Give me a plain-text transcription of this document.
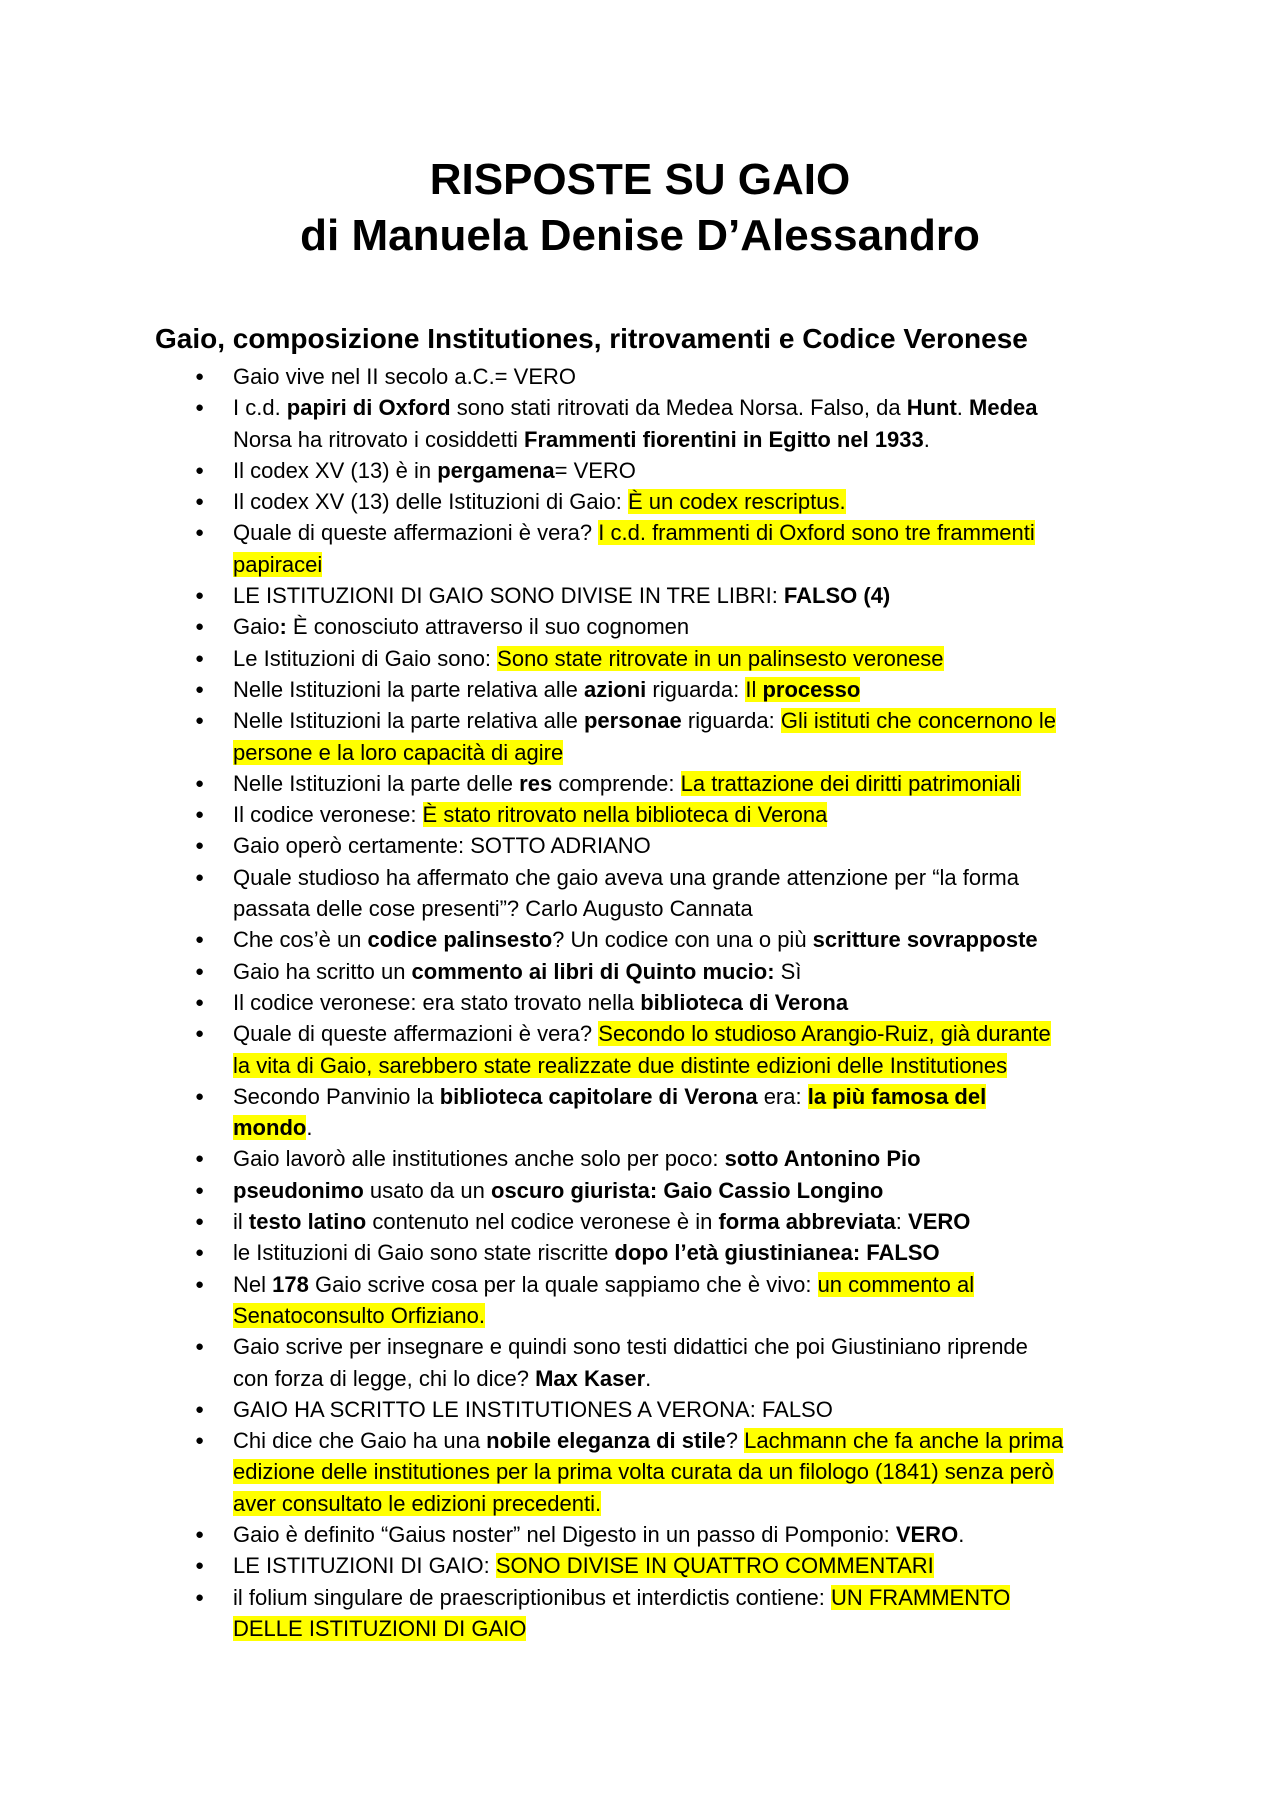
RISPOSTE SU GAIO
di Manuela Denise D’Alessandro
Gaio, composizione Institutiones, ritrovamenti e Codice Veronese
● Gaio vive nel II secolo a.C.= VERO
● I c.d. papiri di Oxford sono stati ritrovati da Medea Norsa. Falso, da Hunt. Medea
Norsa ha ritrovato i cosiddetti Frammenti fiorentini in Egitto nel 1933.
● Il codex XV (13) è in pergamena= VERO
● Il codex XV (13) delle Istituzioni di Gaio: È un codex rescriptus.
● Quale di queste affermazioni è vera? I c.d. frammenti di Oxford sono tre frammenti
papiracei
● LE ISTITUZIONI DI GAIO SONO DIVISE IN TRE LIBRI: FALSO (4)
● Gaio: È conosciuto attraverso il suo cognomen
● Le Istituzioni di Gaio sono: Sono state ritrovate in un palinsesto veronese
● Nelle Istituzioni la parte relativa alle azioni riguarda: Il processo
● Nelle Istituzioni la parte relativa alle personae riguarda: Gli istituti che concernono le
persone e la loro capacità di agire
● Nelle Istituzioni la parte delle res comprende: La trattazione dei diritti patrimoniali
● Il codice veronese: È stato ritrovato nella biblioteca di Verona
● Gaio operò certamente: SOTTO ADRIANO
● Quale studioso ha affermato che gaio aveva una grande attenzione per “la forma
passata delle cose presenti”? Carlo Augusto Cannata
● Che cos’è un codice palinsesto? Un codice con una o più scritture sovrapposte
● Gaio ha scritto un commento ai libri di Quinto mucio: Sì
● Il codice veronese: era stato trovato nella biblioteca di Verona
● Quale di queste affermazioni è vera? Secondo lo studioso Arangio-Ruiz, già durante
la vita di Gaio, sarebbero state realizzate due distinte edizioni delle Institutiones
● Secondo Panvinio la biblioteca capitolare di Verona era: la più famosa del
mondo.
● Gaio lavorò alle institutiones anche solo per poco: sotto Antonino Pio
● pseudonimo usato da un oscuro giurista: Gaio Cassio Longino
● il testo latino contenuto nel codice veronese è in forma abbreviata: VERO
● le Istituzioni di Gaio sono state riscritte dopo l’età giustinianea: FALSO
● Nel 178 Gaio scrive cosa per la quale sappiamo che è vivo: un commento al
Senatoconsulto Orfiziano.
● Gaio scrive per insegnare e quindi sono testi didattici che poi Giustiniano riprende
con forza di legge, chi lo dice? Max Kaser.
● GAIO HA SCRITTO LE INSTITUTIONES A VERONA: FALSO
● Chi dice che Gaio ha una nobile eleganza di stile? Lachmann che fa anche la prima
edizione delle institutiones per la prima volta curata da un filologo (1841) senza però
aver consultato le edizioni precedenti.
● Gaio è definito “Gaius noster” nel Digesto in un passo di Pomponio: VERO.
● LE ISTITUZIONI DI GAIO: SONO DIVISE IN QUATTRO COMMENTARI
● il folium singulare de praescriptionibus et interdictis contiene: UN FRAMMENTO
DELLE ISTITUZIONI DI GAIO
